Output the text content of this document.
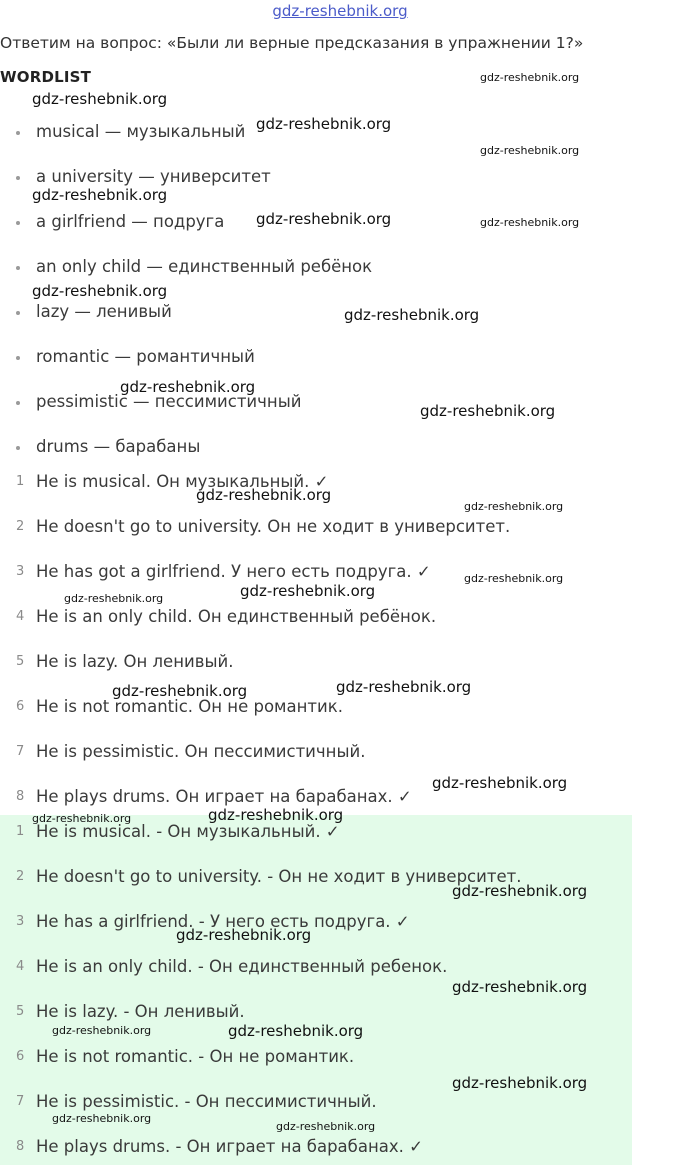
gdz-reshebnik.org
Ответим на вопрос: «Были ли верные предсказания в упражнении 1?»
WORDLIST
musical — музыкальный
a university — университет
a girlfriend — подруга
an only child — единственный ребёнок
lazy — ленивый
romantic — романтичный
pessimistic — пессимистичный
drums — барабаны
1 He is musical. Он музыкальный. ✓
2 He doesn't go to university. Он не ходит в университет.
3 He has got a girlfriend. У него есть подруга. ✓
4 He is an only child. Он единственный ребёнок.
5 He is lazy. Он ленивый.
6 He is not romantic. Он не романтик.
7 He is pessimistic. Он пессимистичный.
8 He plays drums. Он играет на барабанах. ✓
1 He is musical. - Он музыкальный. ✓
2 He doesn't go to university. - Он не ходит в университет.
3 He has a girlfriend. - У него есть подруга. ✓
4 He is an only child. - Он единственный ребенок.
5 He is lazy. - Он ленивый.
6 He is not romantic. - Он не романтик.
7 He is pessimistic. - Он пессимистичный.
8 He plays drums. - Он играет на барабанах. ✓
gdz-reshebnik.org
gdz-reshebnik.org
gdz-reshebnik.org
gdz-reshebnik.org
gdz-reshebnik.org
gdz-reshebnik.org	gdz-reshebnik.org
gdz-reshebnik.org
gdz-reshebnik.org
gdz-reshebnik.org
gdz-reshebnik.org
gdz-reshebnik.org
gdz-reshebnik.org
gdz-reshebnik.org
gdz-reshebnik.org
gdz-reshebnik.org
gdz-reshebnik.org
gdz-reshebnik.org
gdz-reshebnik.org
gdz-reshebnik.org
gdz-reshebnik.org
gdz-reshebnik.org
gdz-reshebnik.org
gdz-reshebnik.org
gdz-reshebnik.org	gdz-reshebnik.org
gdz-reshebnik.org
gdz-reshebnik.org
gdz-reshebnik.org
